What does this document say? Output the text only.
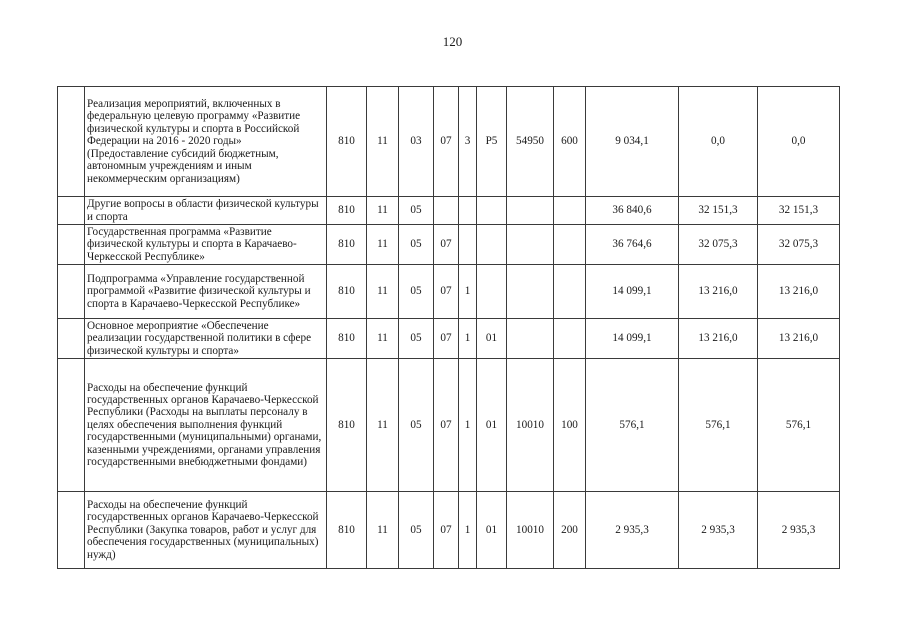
120
	Реализация мероприятий, включенных в федеральную целевую программу «Развитие физической культуры и спорта в Российской Федерации на 2016 - 2020 годы» (Предоставление субсидий бюджетным, автономным учреждениям и иным некоммерческим организациям)	810	11	03	07	3	P5	54950	600	9 034,1	0,0	0,0
	Другие вопросы в области физической культуры и спорта	810	11	05						36 840,6	32 151,3	32 151,3
	Государственная программа «Развитие физической культуры и спорта в Карачаево-Черкесской Республике»	810	11	05	07					36 764,6	32 075,3	32 075,3
	Подпрограмма «Управление государственной программой «Развитие физической культуры и спорта в Карачаево-Черкесской Республике»	810	11	05	07	1				14 099,1	13 216,0	13 216,0
	Основное мероприятие «Обеспечение реализации государственной политики в сфере физической культуры и спорта»	810	11	05	07	1	01			14 099,1	13 216,0	13 216,0
	Расходы на обеспечение функций государственных органов Карачаево-Черкесской Республики (Расходы на выплаты персоналу в целях обеспечения выполнения функций государственными (муниципальными) органами, казенными учреждениями, органами управления государственными внебюджетными фондами)	810	11	05	07	1	01	10010	100	576,1	576,1	576,1
	Расходы на обеспечение функций государственных органов Карачаево-Черкесской Республики (Закупка товаров, работ и услуг для обеспечения государственных (муниципальных) нужд)	810	11	05	07	1	01	10010	200	2 935,3	2 935,3	2 935,3
